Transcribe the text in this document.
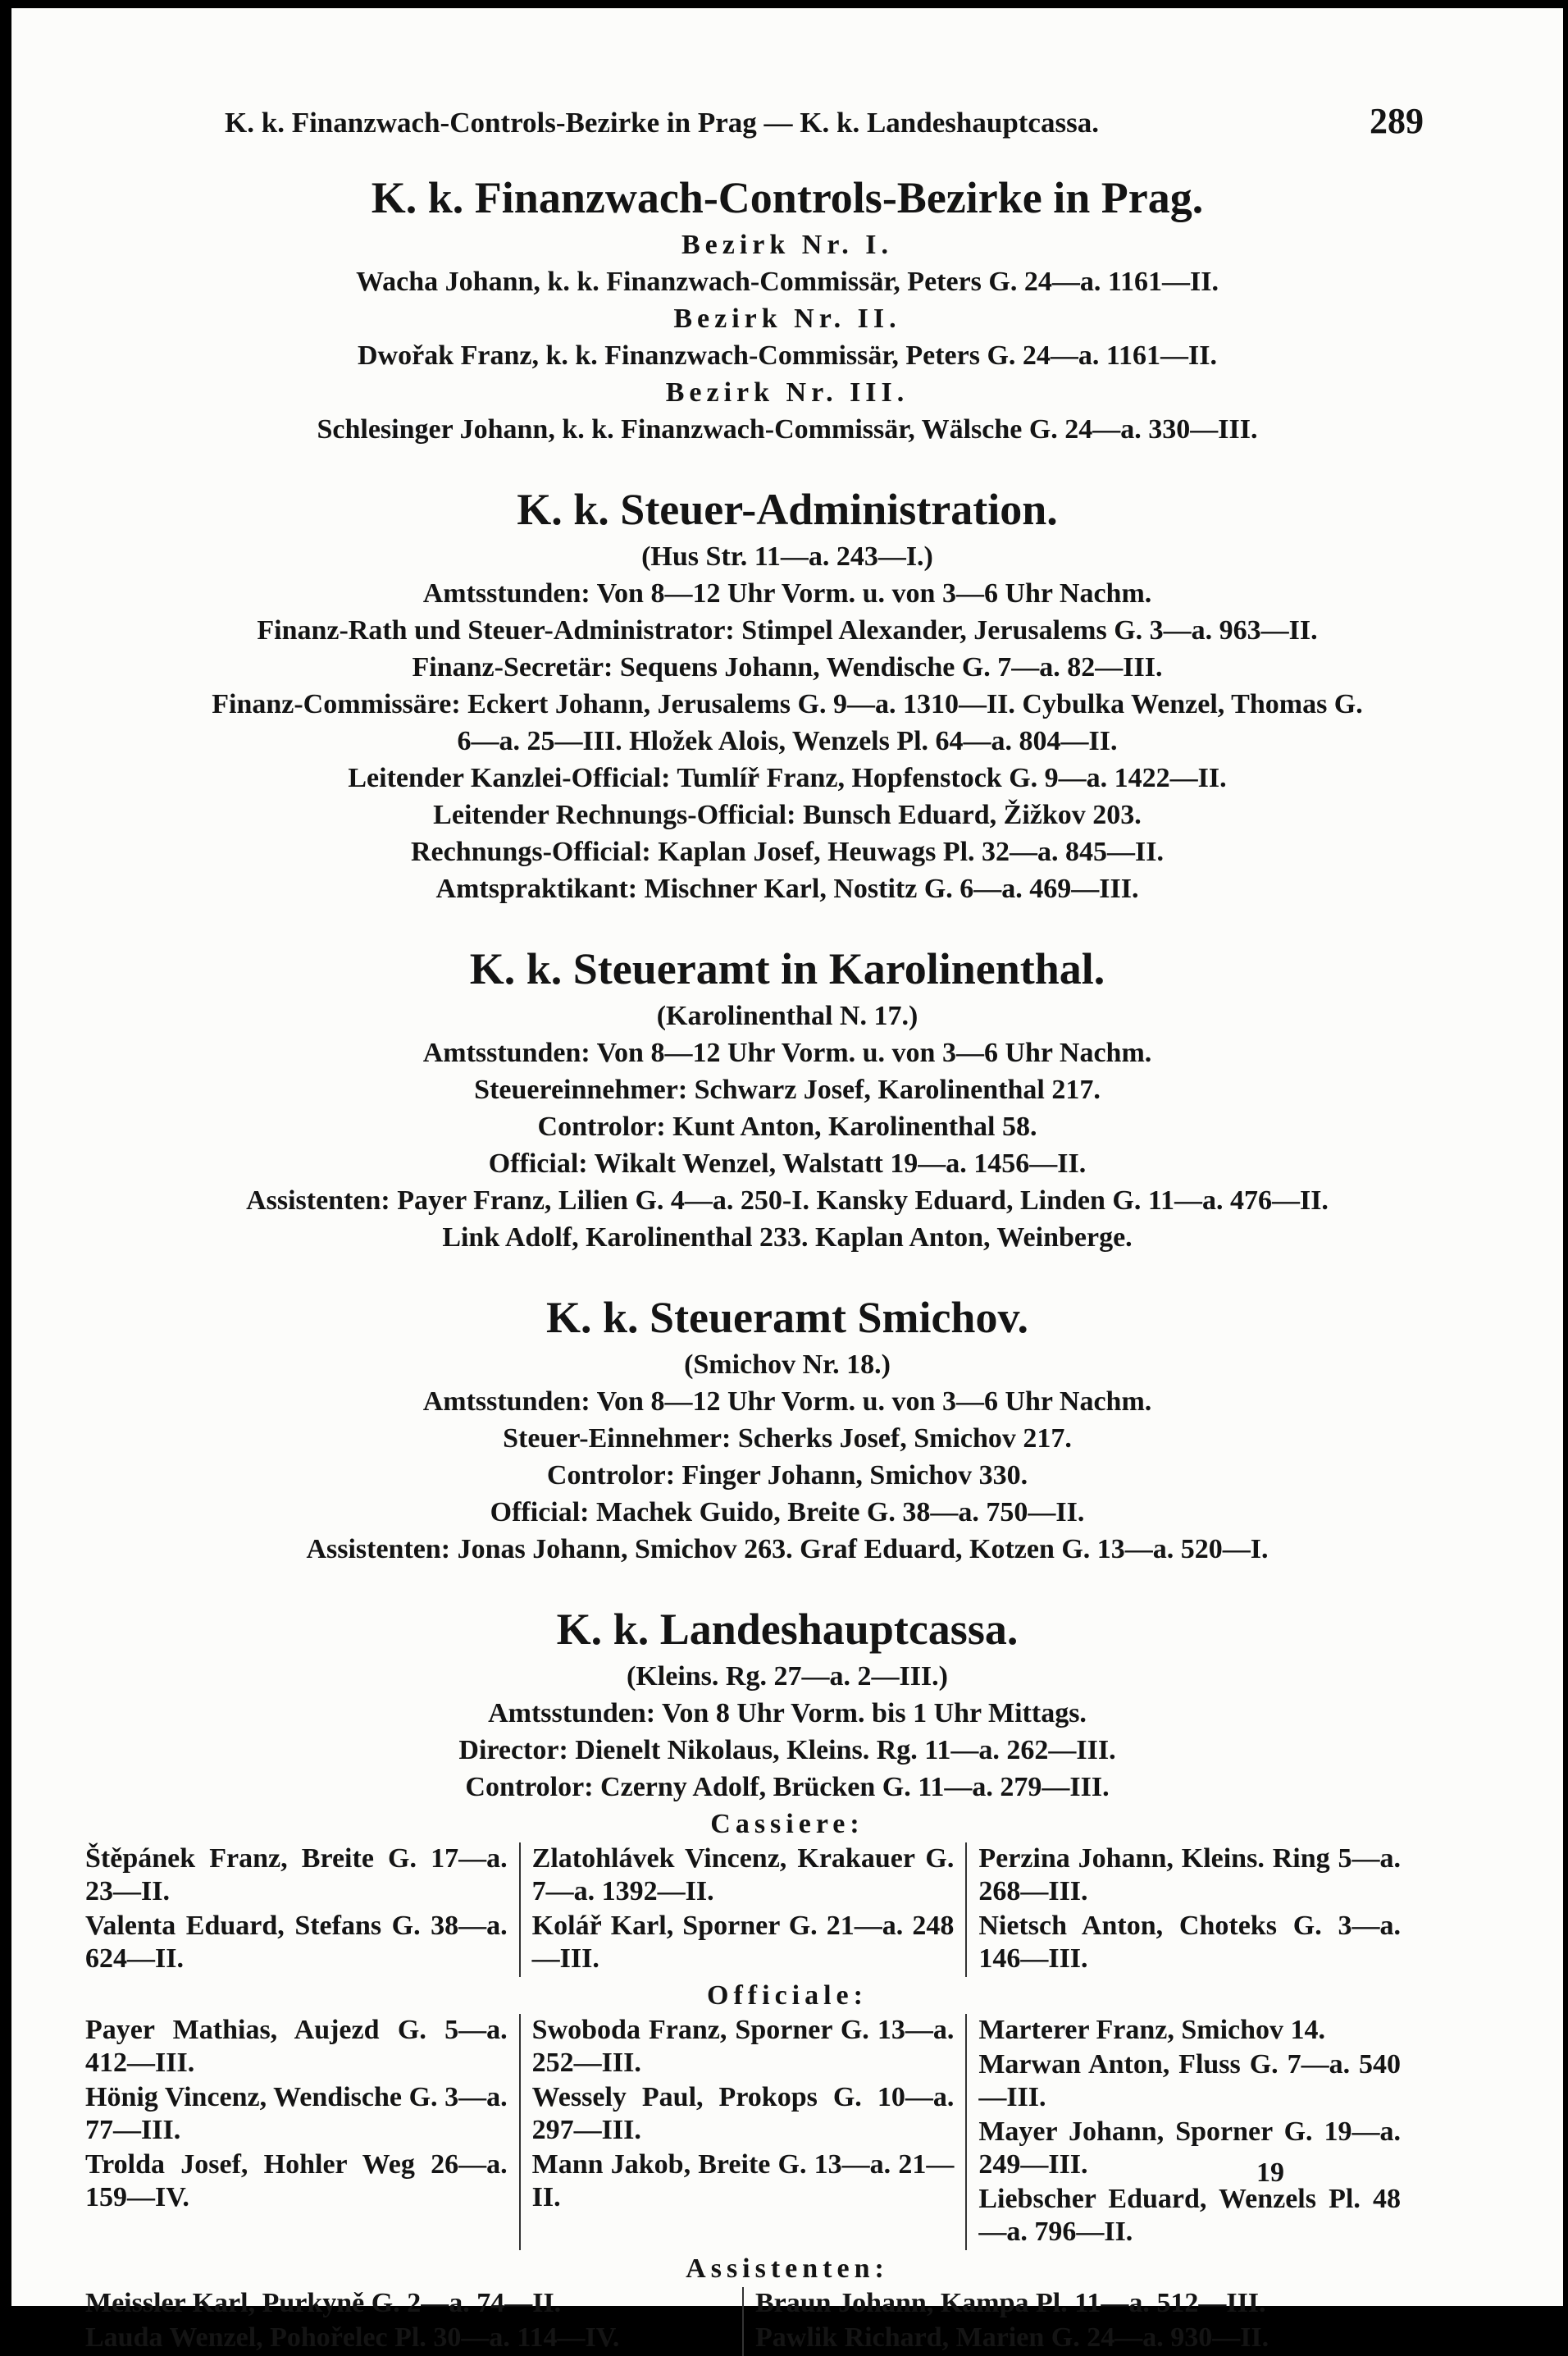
K. k. Finanzwach-Controls-Bezirke in Prag — K. k. Landeshauptcassa.	289
K. k. Finanzwach-Controls-Bezirke in Prag.
Bezirk Nr. I.
Wacha Johann, k. k. Finanzwach-Commissär, Peters G. 24—a. 1161—II.
Bezirk Nr. II.
Dwořak Franz, k. k. Finanzwach-Commissär, Peters G. 24—a. 1161—II.
Bezirk Nr. III.
Schlesinger Johann, k. k. Finanzwach-Commissär, Wälsche G. 24—a. 330—III.
K. k. Steuer-Administration.
(Hus Str. 11—a. 243—I.)
Amtsstunden: Von 8—12 Uhr Vorm. u. von 3—6 Uhr Nachm.
Finanz-Rath und Steuer-Administrator: Stimpel Alexander, Jerusalems G. 3—a. 963—II.
Finanz-Secretär: Sequens Johann, Wendische G. 7—a. 82—III.
Finanz-Commissäre: Eckert Johann, Jerusalems G. 9—a. 1310—II. Cybulka Wenzel, Thomas G.
6—a. 25—III. Hložek Alois, Wenzels Pl. 64—a. 804—II.
Leitender Kanzlei-Official: Tumlíř Franz, Hopfenstock G. 9—a. 1422—II.
Leitender Rechnungs-Official: Bunsch Eduard, Žižkov 203.
Rechnungs-Official: Kaplan Josef, Heuwags Pl. 32—a. 845—II.
Amtspraktikant: Mischner Karl, Nostitz G. 6—a. 469—III.
K. k. Steueramt in Karolinenthal.
(Karolinenthal N. 17.)
Amtsstunden: Von 8—12 Uhr Vorm. u. von 3—6 Uhr Nachm.
Steuereinnehmer: Schwarz Josef, Karolinenthal 217.
Controlor: Kunt Anton, Karolinenthal 58.
Official: Wikalt Wenzel, Walstatt 19—a. 1456—II.
Assistenten: Payer Franz, Lilien G. 4—a. 250-I. Kansky Eduard, Linden G. 11—a. 476—II.
Link Adolf, Karolinenthal 233. Kaplan Anton, Weinberge.
K. k. Steueramt Smichov.
(Smichov Nr. 18.)
Amtsstunden: Von 8—12 Uhr Vorm. u. von 3—6 Uhr Nachm.
Steuer-Einnehmer: Scherks Josef, Smichov 217.
Controlor: Finger Johann, Smichov 330.
Official: Machek Guido, Breite G. 38—a. 750—II.
Assistenten: Jonas Johann, Smichov 263. Graf Eduard, Kotzen G. 13—a. 520—I.
K. k. Landeshauptcassa.
(Kleins. Rg. 27—a. 2—III.)
Amtsstunden: Von 8 Uhr Vorm. bis 1 Uhr Mittags.
Director: Dienelt Nikolaus, Kleins. Rg. 11—a. 262—III.
Controlor: Czerny Adolf, Brücken G. 11—a. 279—III.
Cassiere:

Štěpánek Franz, Breite G. 17—a. 23—II.

Valenta Eduard, Stefans G. 38—a. 624—II.

Zlatohlávek Vincenz, Krakauer G. 7—a. 1392—II.

Kolář Karl, Sporner G. 21—a. 248—III.

Perzina Johann, Kleins. Ring 5—a. 268—III.

Nietsch Anton, Choteks G. 3—a. 146—III.

Officiale:

Payer Mathias, Aujezd G. 5—a. 412—III.

Hönig Vincenz, Wendische G. 3—a. 77—III.

Trolda Josef, Hohler Weg 26—a. 159—IV.

Swoboda Franz, Sporner G. 13—a. 252—III.

Wessely Paul, Prokops G. 10—a. 297—III.

Mann Jakob, Breite G. 13—a. 21—II.

Marterer Franz, Smichov 14.

Marwan Anton, Fluss G. 7—a. 540—III.

Mayer Johann, Sporner G. 19—a. 249—III.

Liebscher Eduard, Wenzels Pl. 48—a. 796—II.

Assistenten:

Meissler Karl, Purkyně G. 2—a. 74—II.

Lauda Wenzel, Pohořelec Pl. 30—a. 114—IV.

Braun Johann, Kampa Pl. 11—a. 512—III.

Pawlik Richard, Marien G. 24—a. 930—II.

19
